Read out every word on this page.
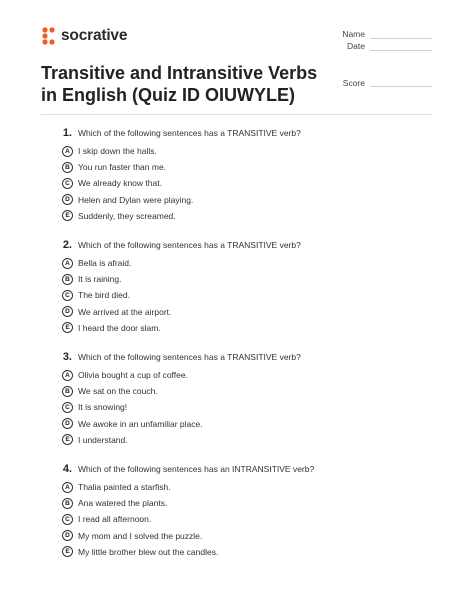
socrative	Name
Date
Score
Transitive and Intransitive Verbs
in English (Quiz ID OIUWYLE)
1. Which of the following sentences has a TRANSITIVE verb?
A I skip down the halls.
B You run faster than me.
C We already know that.
D Helen and Dylan were playing.
E Suddenly, they screamed.
2. Which of the following sentences has a TRANSITIVE verb?
A Bella is afraid.
B It is raining.
C The bird died.
D We arrived at the airport.
E I heard the door slam.
3. Which of the following sentences has a TRANSITIVE verb?
A Olivia bought a cup of coffee.
B We sat on the couch.
C It is snowing!
D We awoke in an unfamiliar place.
E I understand.
4. Which of the following sentences has an INTRANSITIVE verb?
A Thalia painted a starfish.
B Ana watered the plants.
C I read all afternoon.
D My mom and I solved the puzzle.
E My little brother blew out the candles.
